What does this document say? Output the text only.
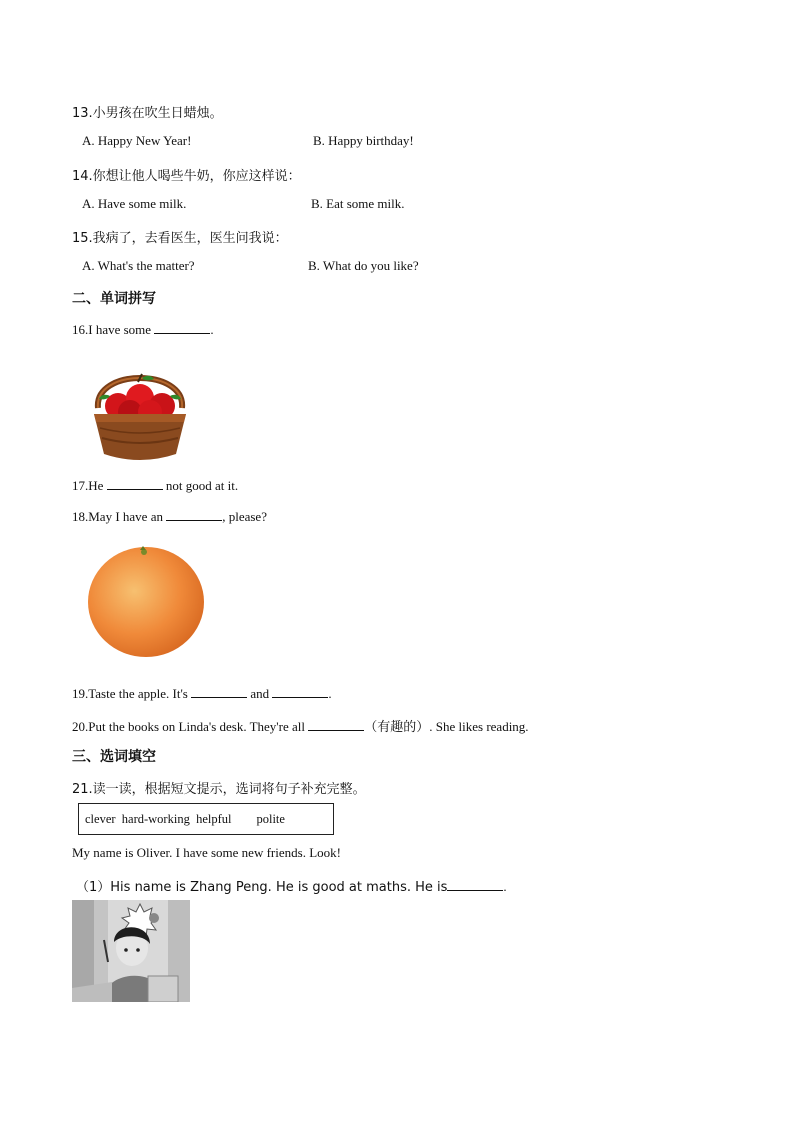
13.小男孩在吹生日蜡烛。
A. Happy New Year!	B. Happy birthday!
14.你想让他人喝些牛奶，你应这样说：
A. Have some milk.	B. Eat some milk.
15.我病了，去看医生，医生问我说：
A. What's the matter?	B. What do you like?
二、单词拼写
16.I have some	.
17.He	not good at it.
18.May I have an	, please?
19.Taste the apple. It's	and	.
20.Put the books on Linda's desk. They're all	（有趣的）. She likes reading.
三、选词填空
21.读一读，根据短文提示，选词将句子补充完整。
clever  hard-working  helpful        polite
My name is Oliver. I have some new friends. Look!
（1）His name is Zhang Peng. He is good at maths. He is	.
